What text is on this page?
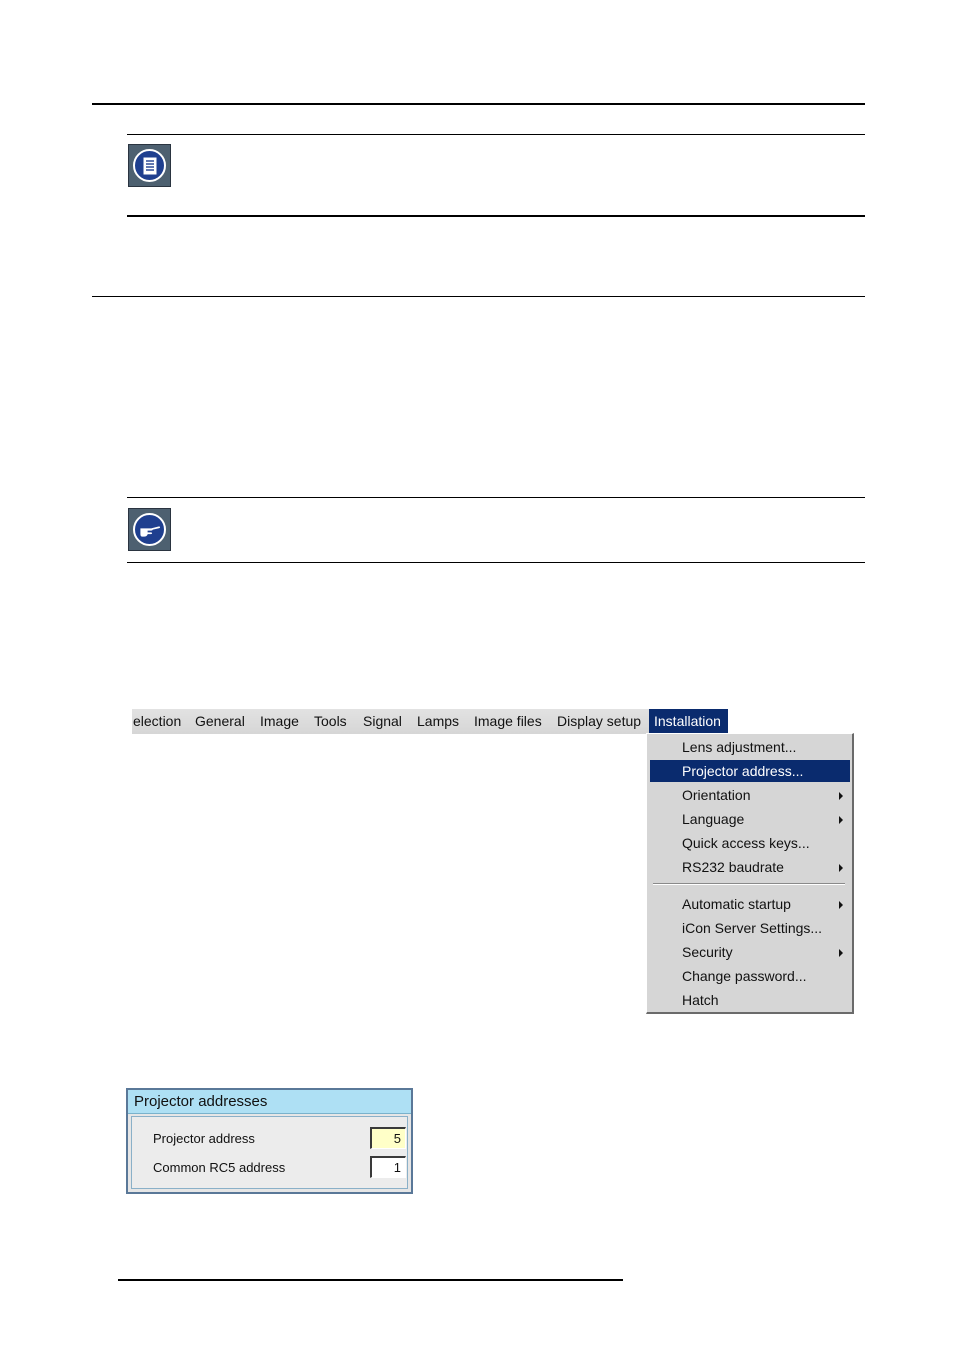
election General	Image	Tools	Signal	Lamps	Image files	Display setup Installation
Lens adjustment...
Projector address...
Orientation
Language
Quick access keys...
RS232 baudrate
Automatic startup
iCon Server Settings...
Security
Change password...
Hatch
Projector addresses
Projector address	5
Common RC5 address	1
